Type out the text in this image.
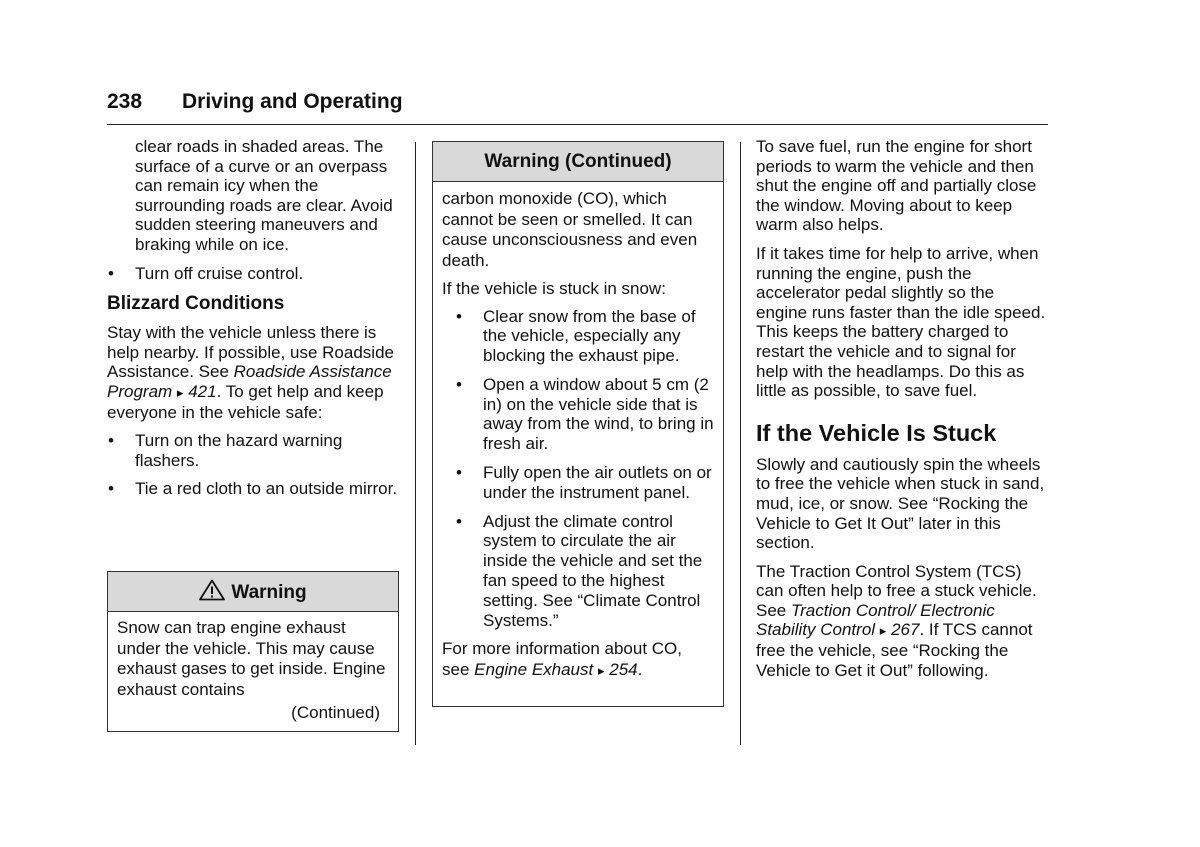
238 Driving and Operating

clear roads in shaded areas. The surface of a curve or an overpass can remain icy when the surrounding roads are clear. Avoid sudden steering maneuvers and braking while on ice.

• Turn off cruise control.
Blizzard Conditions

Stay with the vehicle unless there is help nearby. If possible, use Roadside Assistance. See Roadside Assistance Program ▸ 421. To get help and keep everyone in the vehicle safe:

• Turn on the hazard warning flashers.
• Tie a red cloth to an outside mirror.
Warning

Snow can trap engine exhaust under the vehicle. This may cause exhaust gases to get inside. Engine exhaust contains

(Continued)
Warning (Continued)

carbon monoxide (CO), which cannot be seen or smelled. It can cause unconsciousness and even death.

If the vehicle is stuck in snow:

• Clear snow from the base of the vehicle, especially any blocking the exhaust pipe.
• Open a window about 5 cm (2 in) on the vehicle side that is away from the wind, to bring in fresh air.
• Fully open the air outlets on or under the instrument panel.
• Adjust the climate control system to circulate the air inside the vehicle and set the fan speed to the highest setting. See “Climate Control Systems.”

For more information about CO, see Engine Exhaust ▸ 254.

To save fuel, run the engine for short periods to warm the vehicle and then shut the engine off and partially close the window. Moving about to keep warm also helps.

If it takes time for help to arrive, when running the engine, push the accelerator pedal slightly so the engine runs faster than the idle speed. This keeps the battery charged to restart the vehicle and to signal for help with the headlamps. Do this as little as possible, to save fuel.

If the Vehicle Is Stuck

Slowly and cautiously spin the wheels to free the vehicle when stuck in sand, mud, ice, or snow. See “Rocking the Vehicle to Get It Out” later in this section.

The Traction Control System (TCS) can often help to free a stuck vehicle. See Traction Control/ Electronic Stability Control ▸ 267. If TCS cannot free the vehicle, see “Rocking the Vehicle to Get it Out” following.
